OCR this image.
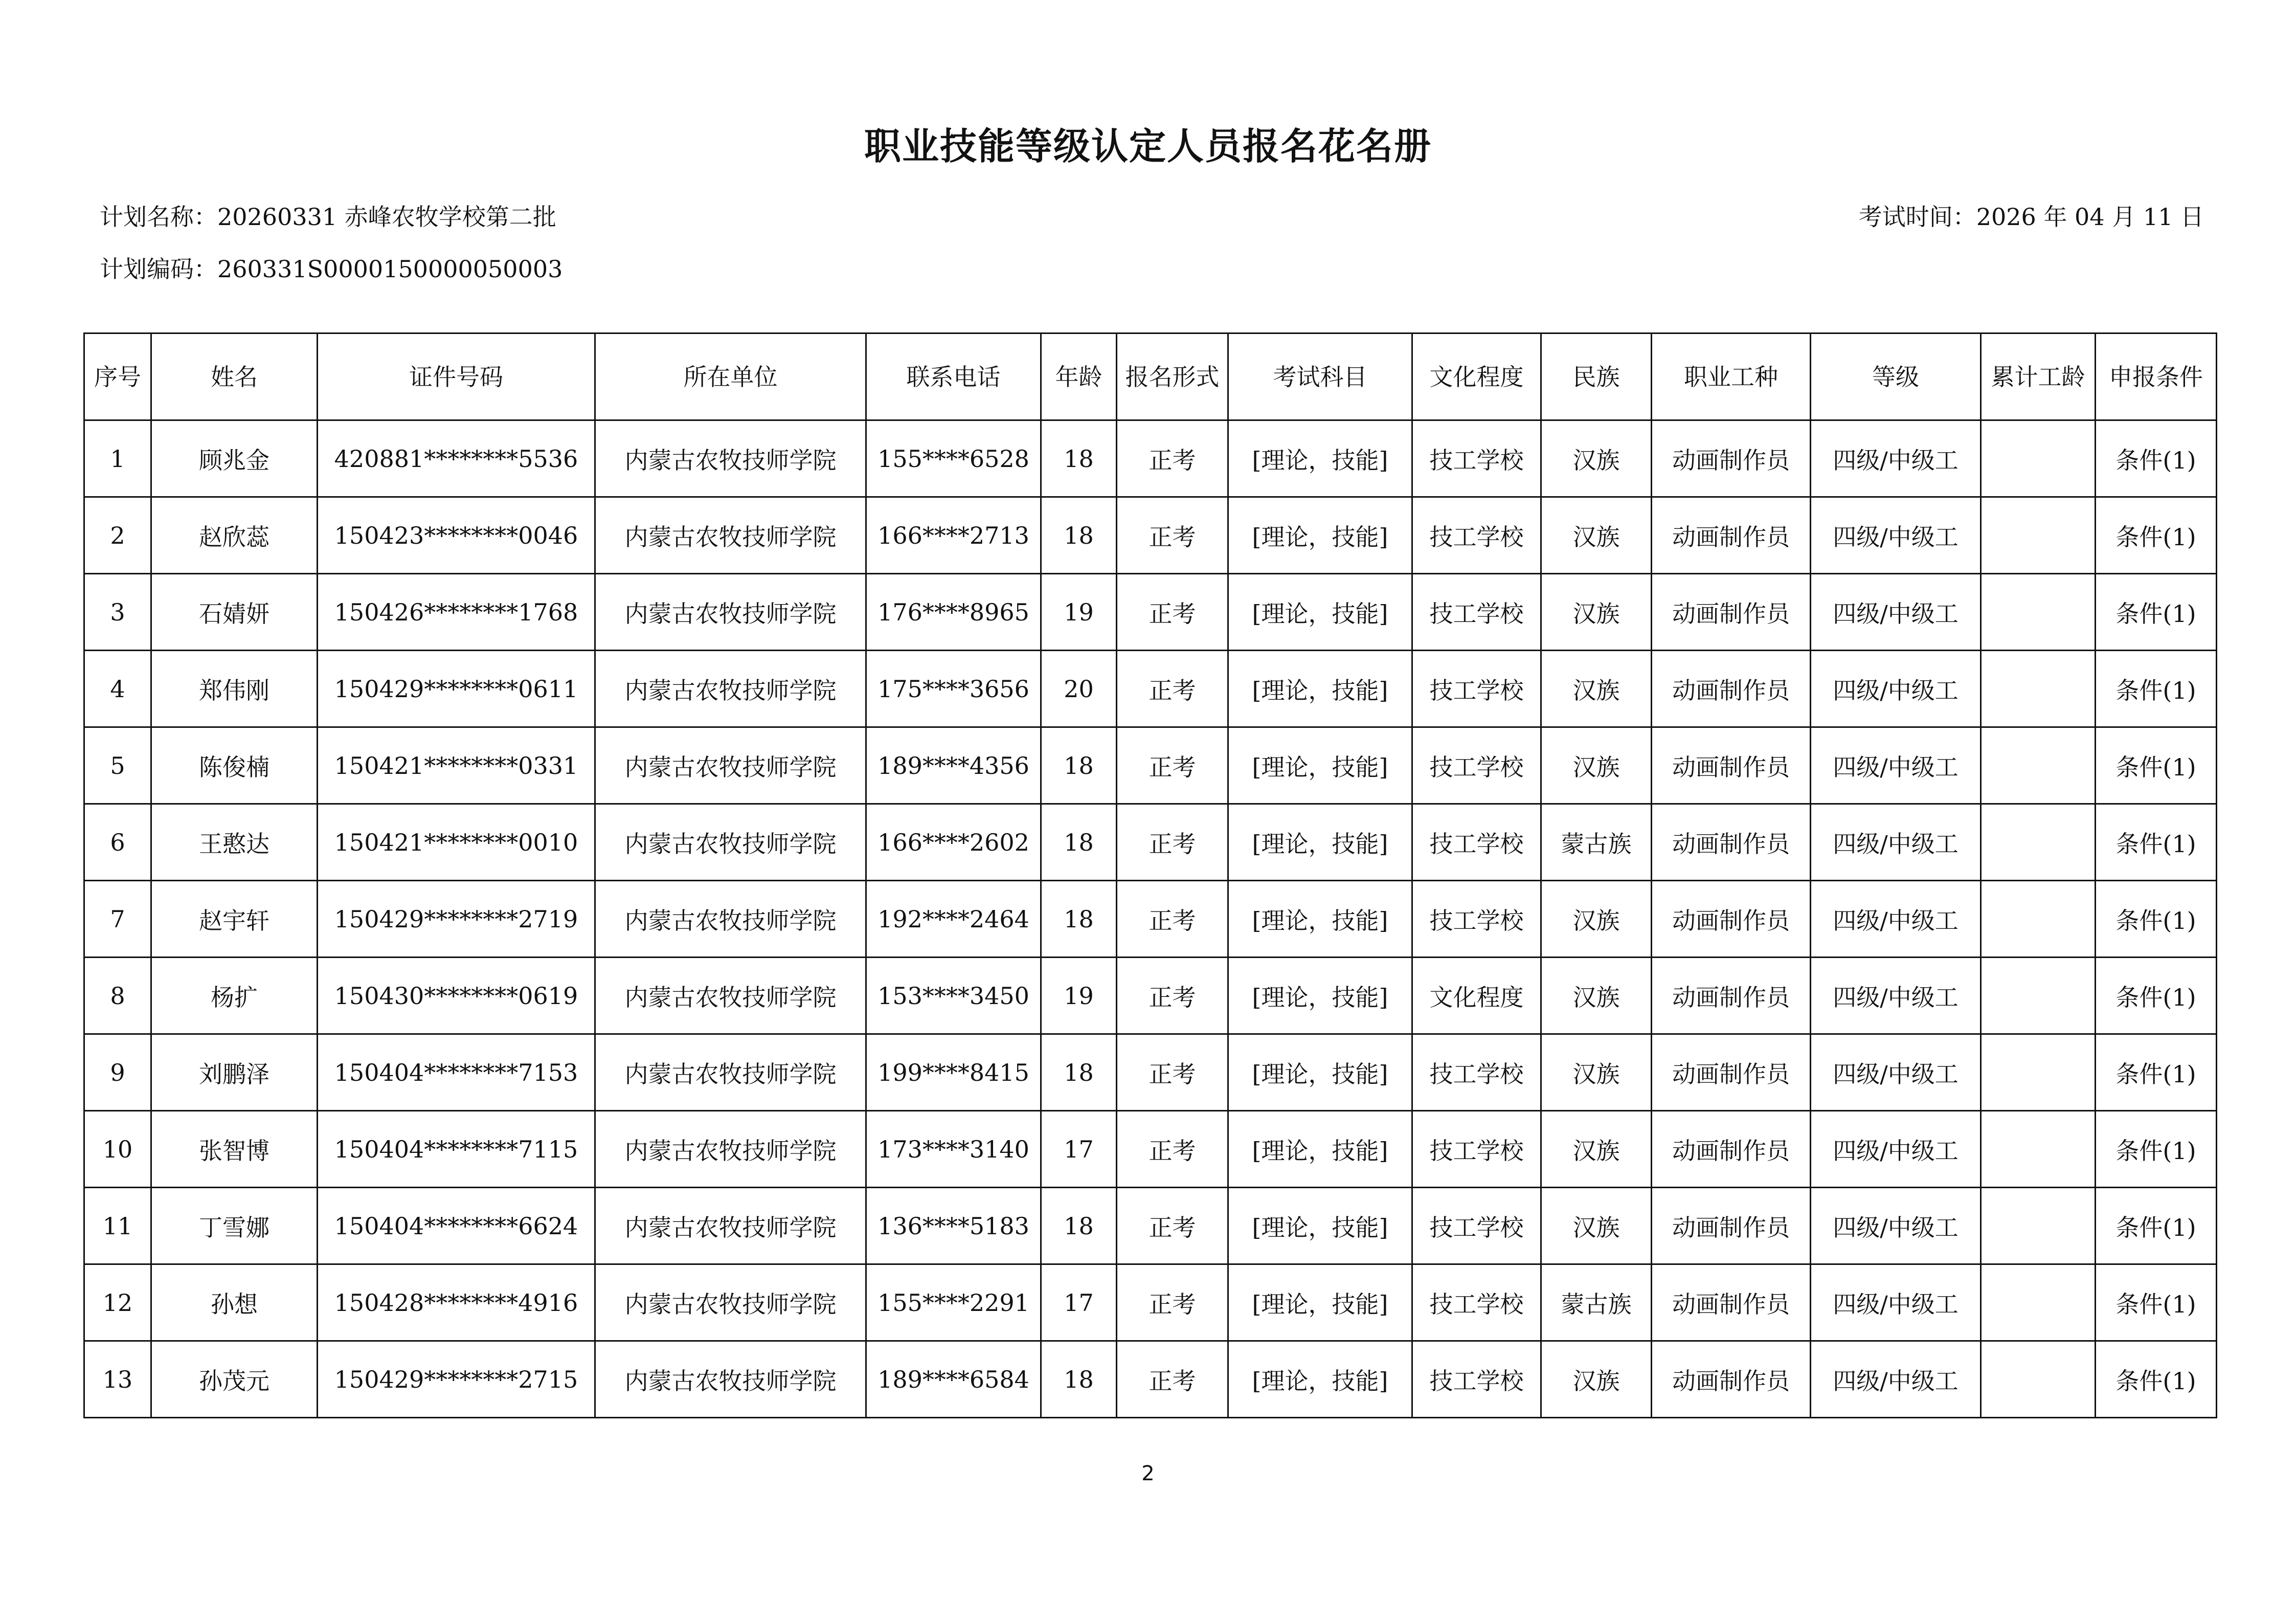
职业技能等级认定人员报名花名册
计划名称：20260331 赤峰农牧学校第二批
计划编码：260331S0000150000050003
考试时间：2026 年 04 月 11 日
序号	姓名	证件号码	所在单位	联系电话	年龄	报名形式	考试科目	文化程度	民族	职业工种	等级	累计工龄	申报条件
1	顾兆金	420881********5536	内蒙古农牧技师学院	155****6528	18	正考	[理论，技能]	技工学校	汉族	动画制作员	四级/中级工		条件(1)
2	赵欣蕊	150423********0046	内蒙古农牧技师学院	166****2713	18	正考	[理论，技能]	技工学校	汉族	动画制作员	四级/中级工		条件(1)
3	石婧妍	150426********1768	内蒙古农牧技师学院	176****8965	19	正考	[理论，技能]	技工学校	汉族	动画制作员	四级/中级工		条件(1)
4	郑伟刚	150429********0611	内蒙古农牧技师学院	175****3656	20	正考	[理论，技能]	技工学校	汉族	动画制作员	四级/中级工		条件(1)
5	陈俊楠	150421********0331	内蒙古农牧技师学院	189****4356	18	正考	[理论，技能]	技工学校	汉族	动画制作员	四级/中级工		条件(1)
6	王憨达	150421********0010	内蒙古农牧技师学院	166****2602	18	正考	[理论，技能]	技工学校	蒙古族	动画制作员	四级/中级工		条件(1)
7	赵宇轩	150429********2719	内蒙古农牧技师学院	192****2464	18	正考	[理论，技能]	技工学校	汉族	动画制作员	四级/中级工		条件(1)
8	杨扩	150430********0619	内蒙古农牧技师学院	153****3450	19	正考	[理论，技能]	文化程度	汉族	动画制作员	四级/中级工		条件(1)
9	刘鹏泽	150404********7153	内蒙古农牧技师学院	199****8415	18	正考	[理论，技能]	技工学校	汉族	动画制作员	四级/中级工		条件(1)
10	张智博	150404********7115	内蒙古农牧技师学院	173****3140	17	正考	[理论，技能]	技工学校	汉族	动画制作员	四级/中级工		条件(1)
11	丁雪娜	150404********6624	内蒙古农牧技师学院	136****5183	18	正考	[理论，技能]	技工学校	汉族	动画制作员	四级/中级工		条件(1)
12	孙想	150428********4916	内蒙古农牧技师学院	155****2291	17	正考	[理论，技能]	技工学校	蒙古族	动画制作员	四级/中级工		条件(1)
13	孙茂元	150429********2715	内蒙古农牧技师学院	189****6584	18	正考	[理论，技能]	技工学校	汉族	动画制作员	四级/中级工		条件(1)
2
